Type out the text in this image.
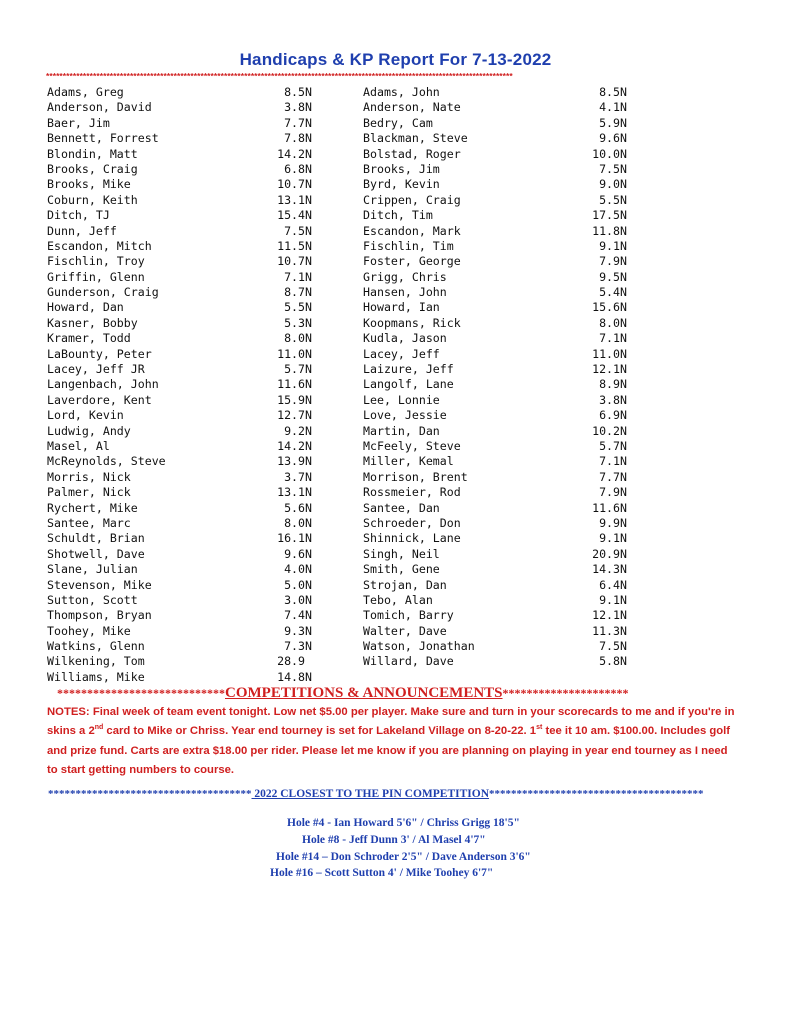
Handicaps & KP Report For 7-13-2022
*******************************************************************************************************************************************
Adams, Greg	8.5N
Anderson, David	3.8N
Baer, Jim	7.7N
Bennett, Forrest	7.8N
Blondin, Matt	14.2N
Brooks, Craig	6.8N
Brooks, Mike	10.7N
Coburn, Keith	13.1N
Ditch, TJ	15.4N
Dunn, Jeff	7.5N
Escandon, Mitch	11.5N
Fischlin, Troy	10.7N
Griffin, Glenn	7.1N
Gunderson, Craig	8.7N
Howard, Dan	5.5N
Kasner, Bobby	5.3N
Kramer, Todd	8.0N
LaBounty, Peter	11.0N
Lacey, Jeff JR	5.7N
Langenbach, John	11.6N
Laverdore, Kent	15.9N
Lord, Kevin	12.7N
Ludwig, Andy	9.2N
Masel, Al	14.2N
McReynolds, Steve	13.9N
Morris, Nick	3.7N
Palmer, Nick	13.1N
Rychert, Mike	5.6N
Santee, Marc	8.0N
Schuldt, Brian	16.1N
Shotwell, Dave	9.6N
Slane, Julian	4.0N
Stevenson, Mike	5.0N
Sutton, Scott	3.0N
Thompson, Bryan	7.4N
Toohey, Mike	9.3N
Watkins, Glenn	7.3N
Wilkening, Tom	28.9
Williams, Mike	14.8N
Adams, John	8.5N
Anderson, Nate	4.1N
Bedry, Cam	5.9N
Blackman, Steve	9.6N
Bolstad, Roger	10.0N
Brooks, Jim	7.5N
Byrd, Kevin	9.0N
Crippen, Craig	5.5N
Ditch, Tim	17.5N
Escandon, Mark	11.8N
Fischlin, Tim	9.1N
Foster, George	7.9N
Grigg, Chris	9.5N
Hansen, John	5.4N
Howard, Ian	15.6N
Koopmans, Rick	8.0N
Kudla, Jason	7.1N
Lacey, Jeff	11.0N
Laizure, Jeff	12.1N
Langolf, Lane	8.9N
Lee, Lonnie	3.8N
Love, Jessie	6.9N
Martin, Dan	10.2N
McFeely, Steve	5.7N
Miller, Kemal	7.1N
Morrison, Brent	7.7N
Rossmeier, Rod	7.9N
Santee, Dan	11.6N
Schroeder, Don	9.9N
Shinnick, Lane	9.1N
Singh, Neil	20.9N
Smith, Gene	14.3N
Strojan, Dan	6.4N
Tebo, Alan	9.1N
Tomich, Barry	12.1N
Walter, Dave	11.3N
Watson, Jonathan	7.5N
Willard, Dave	5.8N
****************************COMPETITIONS & ANNOUNCEMENTS*********************
NOTES: Final week of team event tonight. Low net $5.00 per player. Make sure and turn in your scorecards to me and if you're in skins a 2nd card to Mike or Chriss. Year end tourney is set for Lakeland Village on 8-20-22. 1st tee it 10 am. $100.00. Includes golf and prize fund. Carts are extra $18.00 per rider. Please let me know if you are planning on playing in year end tourney as I need to start getting numbers to course.
************************************* 2022 CLOSEST TO THE PIN COMPETITION***************************************
Hole #4 - Ian Howard 5'6" / Chriss Grigg 18'5"
Hole #8 - Jeff Dunn 3' / Al Masel 4'7"
Hole #14 – Don Schroder 2'5" / Dave Anderson 3'6"
Hole #16 – Scott Sutton 4' / Mike Toohey 6'7"
